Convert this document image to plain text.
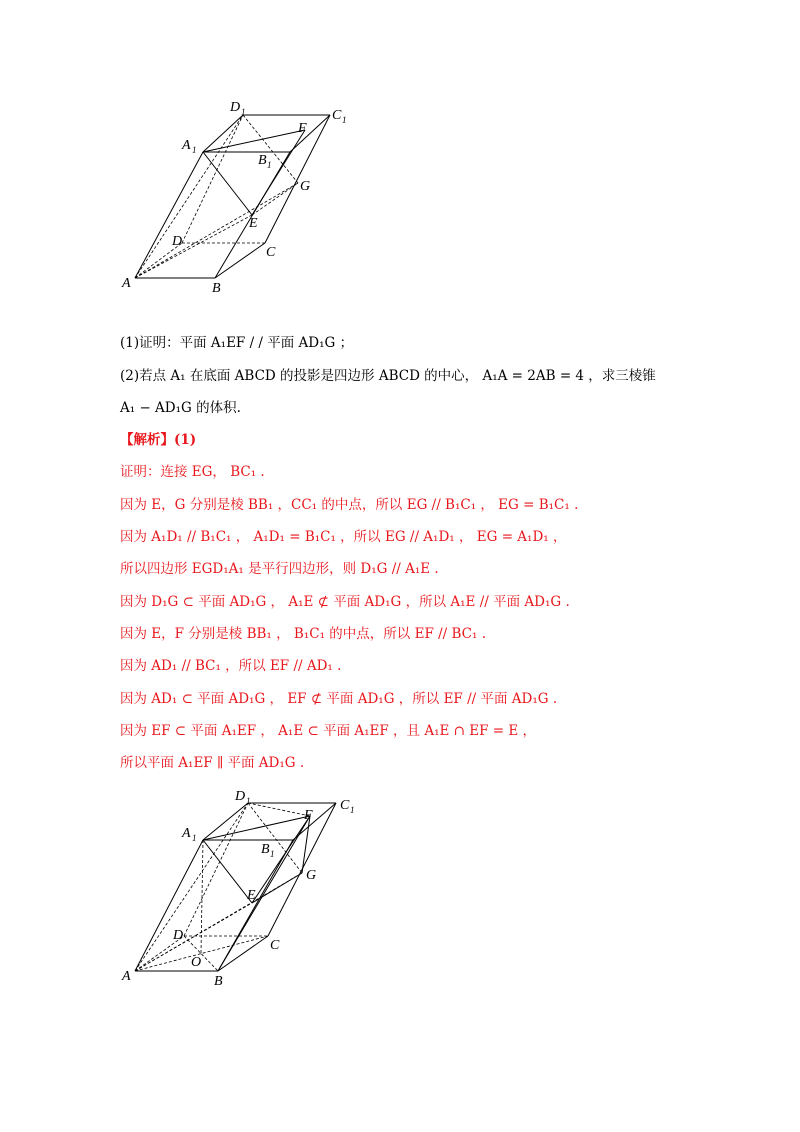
D 1	C 1
A 1
B 1
F
G
E
D
C
A	B
(1)证明：平面 A₁EF / / 平面 AD₁G ；
(2)若点 A₁ 在底面 ABCD 的投影是四边形 ABCD 的中心， A₁A = 2AB = 4 ，求三棱锥
A₁ − AD₁G 的体积.
【解析】(1)
证明：连接 EG， BC₁ .
因为 E，G 分别是棱 BB₁ ，CC₁ 的中点，所以 EG // B₁C₁ ， EG = B₁C₁ .
因为 A₁D₁ // B₁C₁ ， A₁D₁ = B₁C₁ ，所以 EG // A₁D₁ ， EG = A₁D₁ ，
所以四边形 EGD₁A₁ 是平行四边形，则 D₁G // A₁E .
因为 D₁G ⊂ 平面 AD₁G ， A₁E ⊄ 平面 AD₁G ，所以 A₁E // 平面 AD₁G .
因为 E，F 分别是棱 BB₁ ， B₁C₁ 的中点，所以 EF // BC₁ .
因为 AD₁ // BC₁ ，所以 EF // AD₁ .
因为 AD₁ ⊂ 平面 AD₁G ， EF ⊄ 平面 AD₁G ，所以 EF // 平面 AD₁G .
因为 EF ⊂ 平面 A₁EF ， A₁E ⊂ 平面 A₁EF ，且 A₁E ∩ EF = E ，
所以平面 A₁EF ∥ 平面 AD₁G .
D 1	C 1
A 1
B 1
F
G
E
D
C
O
A	B
